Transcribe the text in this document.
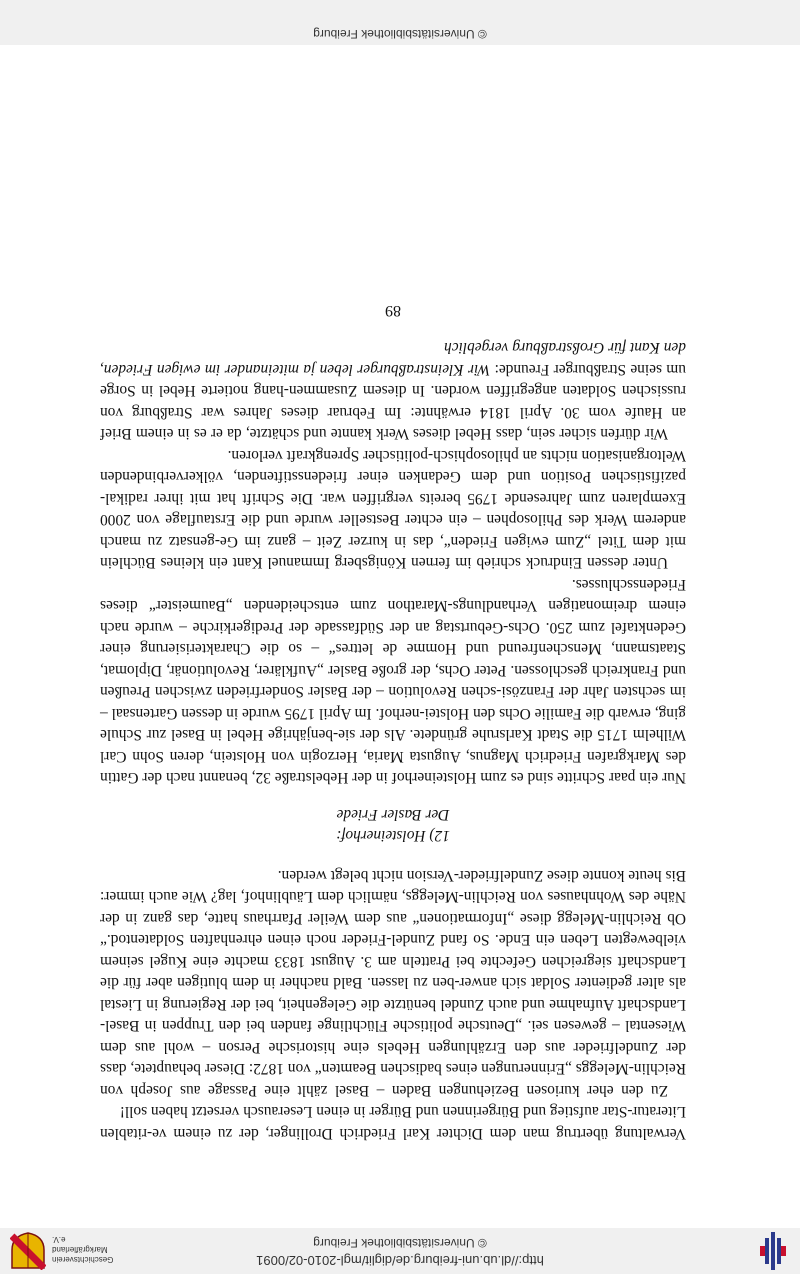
http://dl.ub.uni-freiburg.de/diglit/mgl-2010-02/0091
© Universitätsbibliothek Freiburg
Geschichtsverein
Markgräflerland e.V.

Verwaltung übertrug man dem Dichter Karl Friedrich Drollinger, der zu einem ve-ritablen Literatur-Star aufstieg und Bürgerinnen und Bürger in einen Leserausch versetzt haben soll!

Zu den eher kuriosen Beziehungen Baden – Basel zählt eine Passage aus Joseph von Reichlin-Meleggs „Erinnerungen eines badischen Beamten“ von 1872: Dieser behauptete, dass der Zundelfrieder aus den Erzählungen Hebels eine historische Person – wohl aus dem Wiesental – gewesen sei. „Deutsche politische Flüchtlinge fanden bei den Truppen in Basel-Landschaft Aufnahme und auch Zundel benützte die Gelegenheit, bei der Regierung in Liestal als alter gedienter Soldat sich anwer-ben zu lassen. Bald nachher in dem blutigen aber für die Landschaft siegreichen Gefechte bei Pratteln am 3. August 1833 machte eine Kugel seinem vielbewegten Leben ein Ende. So fand Zundel-Frieder noch einen ehrenhaften Soldatentod.“ Ob Reichlin-Melegg diese „Informationen“ aus dem Weiler Pfarrhaus hatte, das ganz in der Nähe des Wohnhauses von Reichlin-Meleggs, nämlich dem Läublinhof, lag? Wie auch immer: Bis heute konnte diese Zundelfrieder-Version nicht belegt werden.

12) Holsteinerhof:
Der Basler Friede

Nur ein paar Schritte sind es zum Holsteinerhof in der Hebelstraße 32, benannt nach der Gattin des Markgrafen Friedrich Magnus, Augusta Maria, Herzogin von Holstein, deren Sohn Carl Wilhelm 1715 die Stadt Karlsruhe gründete. Als der sie-benjährige Hebel in Basel zur Schule ging, erwarb die Familie Ochs den Holstei-nerhof. Im April 1795 wurde in dessen Gartensaal – im sechsten Jahr der Französi-schen Revolution – der Basler Sonderfrieden zwischen Preußen und Frankreich geschlossen. Peter Ochs, der große Basler „Aufklärer, Revolutionär, Diplomat, Staatsmann, Menschenfreund und Homme de lettres“ – so die Charakterisierung einer Gedenktafel zum 250. Ochs-Geburtstag an der Südfassade der Predigerkirche – wurde nach einem dreimonatigen Verhandlungs-Marathon zum entscheidenden „Baumeister“ dieses Friedensschlusses.

Unter dessen Eindruck schrieb im fernen Königsberg Immanuel Kant ein kleines Büchlein mit dem Titel „Zum ewigen Frieden“, das in kurzer Zeit – ganz im Ge-gensatz zu manch anderem Werk des Philosophen – ein echter Bestseller wurde und die Erstauflage von 2000 Exemplaren zum Jahresende 1795 bereits vergriffen war. Die Schrift hat mit ihrer radikal-pazifistischen Position und dem Gedanken einer friedensstiftenden, völkerverbindenden Weltorganisation nichts an philosophisch-politischer Sprengkraft verloren.

Wir dürfen sicher sein, dass Hebel dieses Werk kannte und schätzte, da er es in einem Brief an Haufe vom 30. April 1814 erwähnte: Im Februar dieses Jahres war Straßburg von russischen Soldaten angegriffen worden. In diesem Zusammen-hang notierte Hebel in Sorge um seine Straßburger Freunde: Wir Kleinstraßburger leben ja miteinander im ewigen Frieden, den Kant für Großstraßburg vergeblich

89
© Universitätsbibliothek Freiburg
